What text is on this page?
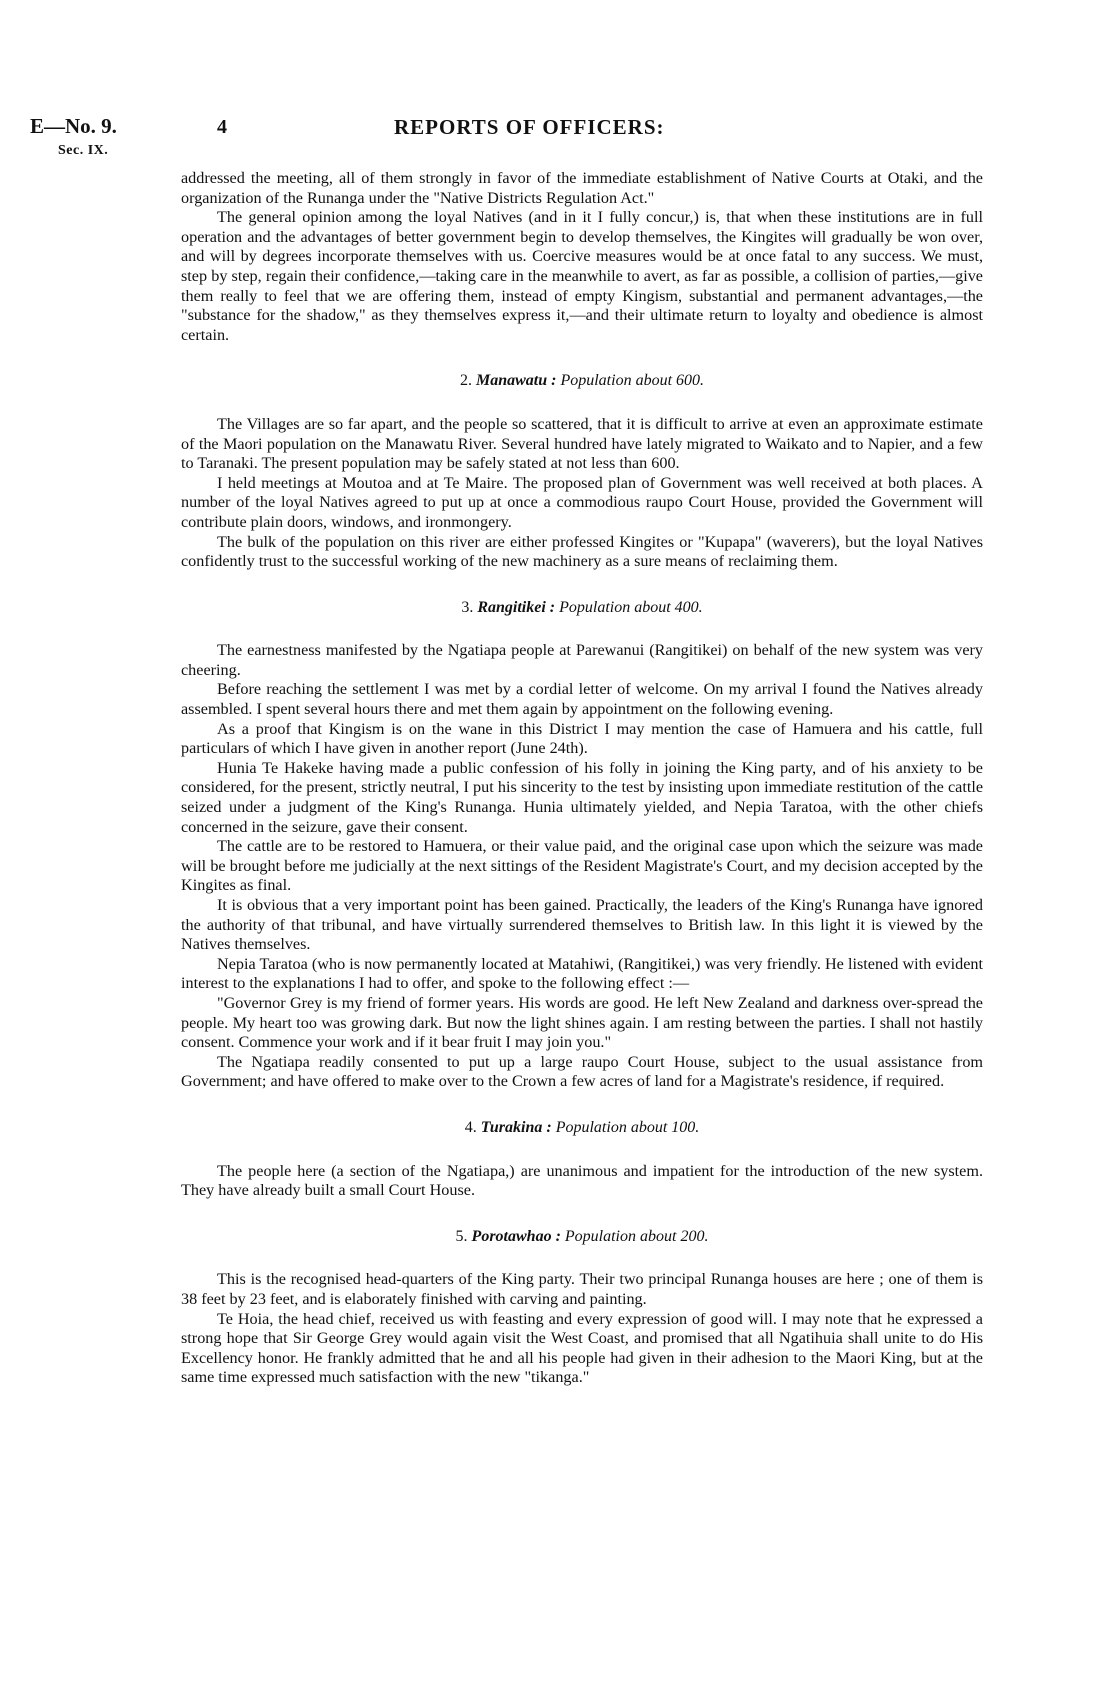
E—No. 9.
Sec. IX.
4	REPORTS OF OFFICERS:

addressed the meeting, all of them strongly in favor of the immediate establishment of Native Courts at Otaki, and the organization of the Runanga under the "Native Districts Regulation Act."

The general opinion among the loyal Natives (and in it I fully concur,) is, that when these institutions are in full operation and the advantages of better government begin to develop themselves, the Kingites will gradually be won over, and will by degrees incorporate themselves with us. Coercive measures would be at once fatal to any success. We must, step by step, regain their confidence,—taking care in the meanwhile to avert, as far as possible, a collision of parties,—give them really to feel that we are offering them, instead of empty Kingism, substantial and permanent advantages,—the "substance for the shadow," as they themselves express it,—and their ultimate return to loyalty and obedience is almost certain.

2. Manawatu : Population about 600.

The Villages are so far apart, and the people so scattered, that it is difficult to arrive at even an approximate estimate of the Maori population on the Manawatu River. Several hundred have lately migrated to Waikato and to Napier, and a few to Taranaki. The present population may be safely stated at not less than 600.

I held meetings at Moutoa and at Te Maire. The proposed plan of Government was well received at both places. A number of the loyal Natives agreed to put up at once a commodious raupo Court House, provided the Government will contribute plain doors, windows, and ironmongery.

The bulk of the population on this river are either professed Kingites or "Kupapa" (waverers), but the loyal Natives confidently trust to the successful working of the new machinery as a sure means of reclaiming them.

3. Rangitikei : Population about 400.

The earnestness manifested by the Ngatiapa people at Parewanui (Rangitikei) on behalf of the new system was very cheering.

Before reaching the settlement I was met by a cordial letter of welcome. On my arrival I found the Natives already assembled. I spent several hours there and met them again by appointment on the following evening.

As a proof that Kingism is on the wane in this District I may mention the case of Hamuera and his cattle, full particulars of which I have given in another report (June 24th).

Hunia Te Hakeke having made a public confession of his folly in joining the King party, and of his anxiety to be considered, for the present, strictly neutral, I put his sincerity to the test by insisting upon immediate restitution of the cattle seized under a judgment of the King's Runanga. Hunia ultimately yielded, and Nepia Taratoa, with the other chiefs concerned in the seizure, gave their consent.

The cattle are to be restored to Hamuera, or their value paid, and the original case upon which the seizure was made will be brought before me judicially at the next sittings of the Resident Magistrate's Court, and my decision accepted by the Kingites as final.

It is obvious that a very important point has been gained. Practically, the leaders of the King's Runanga have ignored the authority of that tribunal, and have virtually surrendered themselves to British law. In this light it is viewed by the Natives themselves.

Nepia Taratoa (who is now permanently located at Matahiwi, (Rangitikei,) was very friendly. He listened with evident interest to the explanations I had to offer, and spoke to the following effect :—

"Governor Grey is my friend of former years. His words are good. He left New Zealand and darkness over-spread the people. My heart too was growing dark. But now the light shines again. I am resting between the parties. I shall not hastily consent. Commence your work and if it bear fruit I may join you."

The Ngatiapa readily consented to put up a large raupo Court House, subject to the usual assistance from Government; and have offered to make over to the Crown a few acres of land for a Magistrate's residence, if required.

4. Turakina : Population about 100.

The people here (a section of the Ngatiapa,) are unanimous and impatient for the introduction of the new system. They have already built a small Court House.

5. Porotawhao : Population about 200.

This is the recognised head-quarters of the King party. Their two principal Runanga houses are here ; one of them is 38 feet by 23 feet, and is elaborately finished with carving and painting.

Te Hoia, the head chief, received us with feasting and every expression of good will. I may note that he expressed a strong hope that Sir George Grey would again visit the West Coast, and promised that all Ngatihuia shall unite to do His Excellency honor. He frankly admitted that he and all his people had given in their adhesion to the Maori King, but at the same time expressed much satisfaction with the new "tikanga."
